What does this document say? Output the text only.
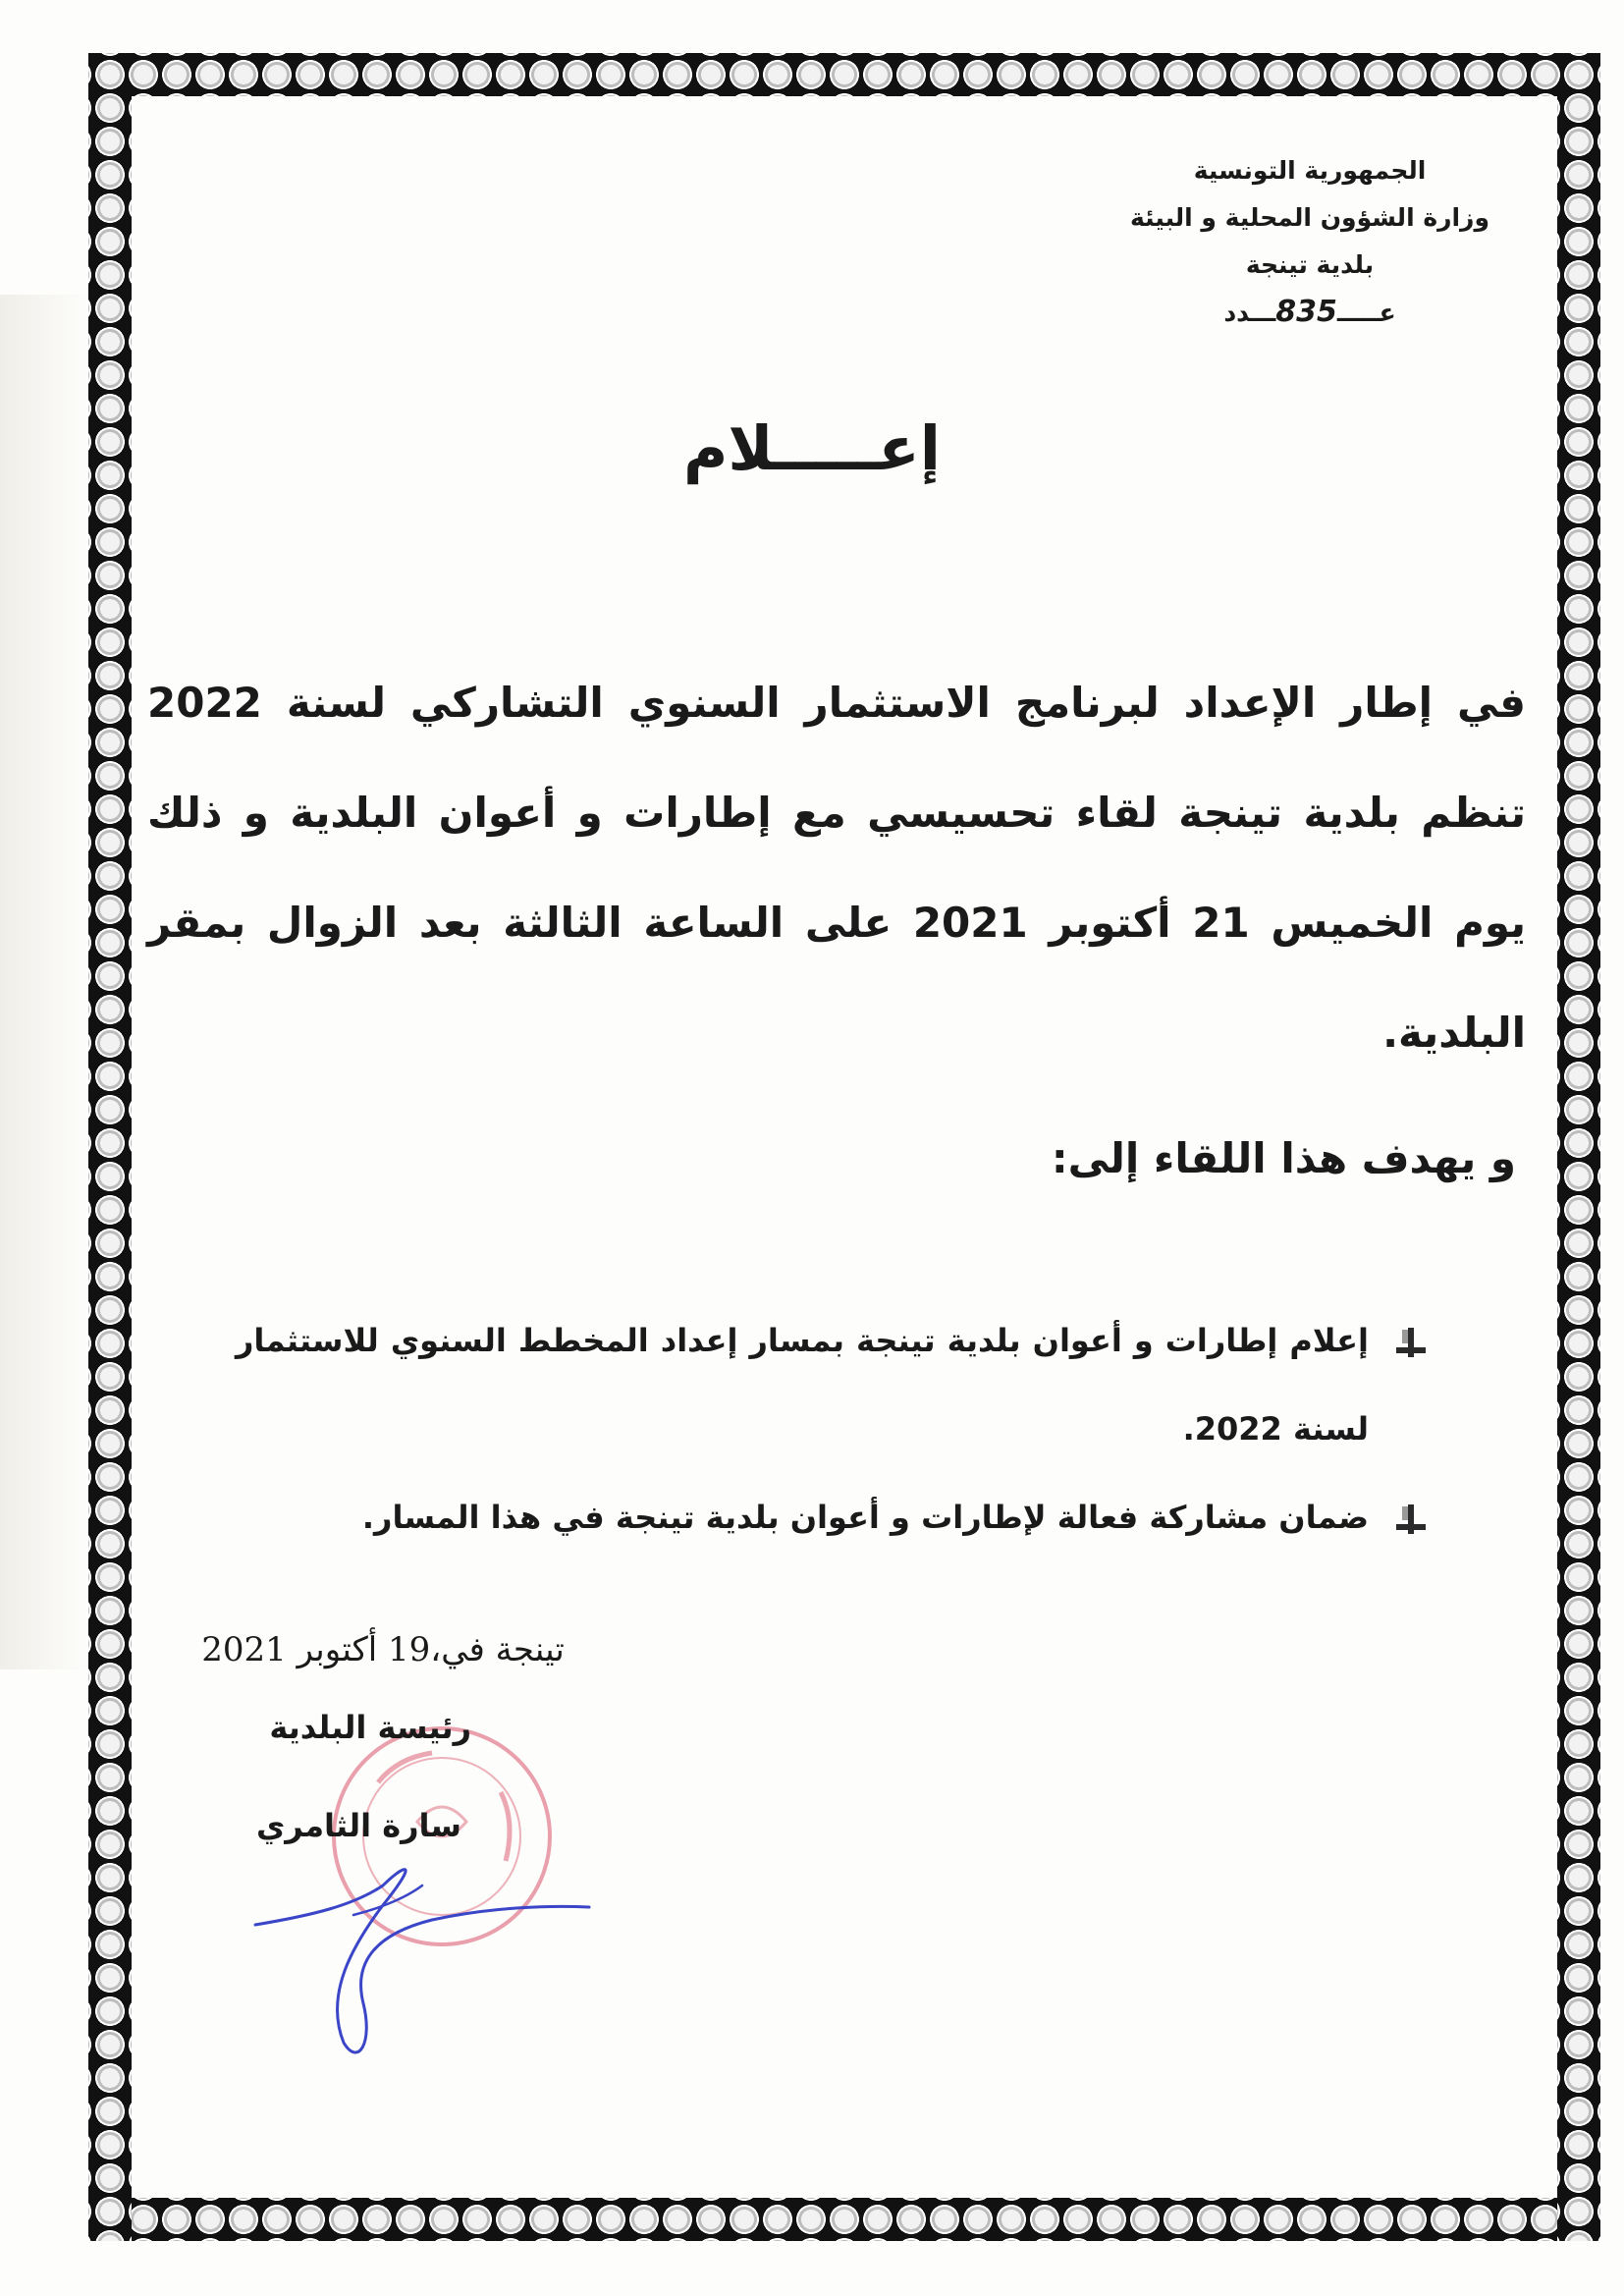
الجمهورية التونسية
وزارة الشؤون المحلية و البيئة
بلدية تينجة
عـــــ835ـــدد
إعـــــلام
في إطار الإعداد لبرنامج الاستثمار السنوي التشاركي لسنة 2022 تنظم بلدية تينجة لقاء تحسيسي مع إطارات و أعوان البلدية و ذلك يوم الخميس 21 أكتوبر 2021 على الساعة الثالثة بعد الزوال بمقر البلدية.
و يهدف هذا اللقاء إلى:
إعلام إطارات و أعوان بلدية تينجة بمسار إعداد المخطط السنوي للاستثمار لسنة 2022.
ضمان مشاركة فعالة لإطارات و أعوان بلدية تينجة في هذا المسار.
تينجة في،19 أكتوبر 2021
رئيسة البلدية
سارة الثامري
